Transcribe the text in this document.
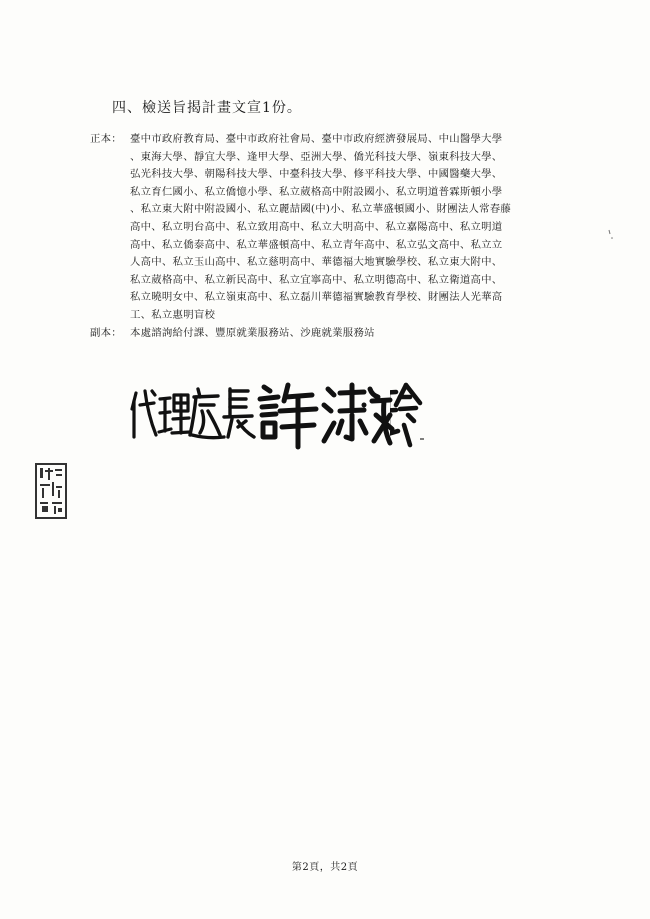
四、檢送旨揭計畫文宣1份。
正本： 臺中市政府教育局、臺中市政府社會局、臺中市政府經濟發展局、中山醫學大學
、東海大學、靜宜大學、逢甲大學、亞洲大學、僑光科技大學、嶺東科技大學、
弘光科技大學、朝陽科技大學、中臺科技大學、修平科技大學、中國醫藥大學、
私立育仁國小、私立僑憶小學、私立葳格高中附設國小、私立明道普霖斯頓小學
、私立東大附中附設國小、私立麗喆國(中)小、私立華盛頓國小、財團法人常春藤
高中、私立明台高中、私立致用高中、私立大明高中、私立嘉陽高中、私立明道
高中、私立僑泰高中、私立華盛頓高中、私立青年高中、私立弘文高中、私立立
人高中、私立玉山高中、私立慈明高中、華德福大地實驗學校、私立東大附中、
私立葳格高中、私立新民高中、私立宜寧高中、私立明德高中、私立衛道高中、
私立曉明女中、私立嶺東高中、私立磊川華德福實驗教育學校、財團法人光華高
工、私立惠明盲校
副本： 本處諮詢給付課、豐原就業服務站、沙鹿就業服務站
第2頁，共2頁
